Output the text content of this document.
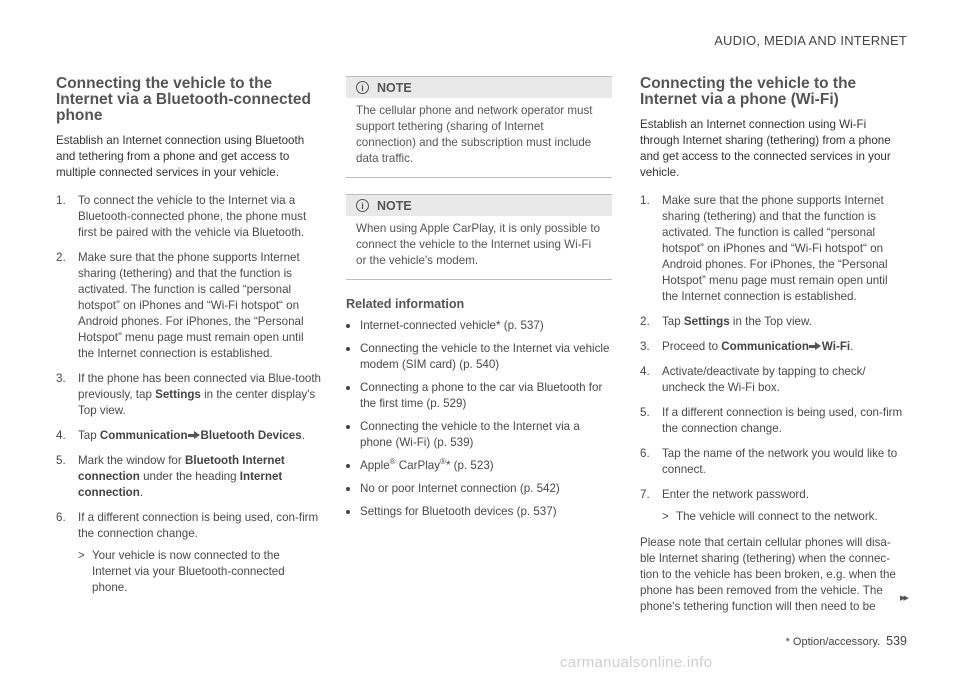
AUDIO, MEDIA AND INTERNET
Connecting the vehicle to the Internet via a Bluetooth-connected phone

Establish an Internet connection using Bluetooth and tethering from a phone and get access to multiple connected services in your vehicle.

1. To connect the vehicle to the Internet via a Bluetooth-connected phone, the phone must first be paired with the vehicle via Bluetooth.
2. Make sure that the phone supports Internet sharing (tethering) and that the function is activated. The function is called “personal hotspot” on iPhones and “Wi-Fi hotspot“ on Android phones. For iPhones, the “Personal Hotspot” menu page must remain open until the Internet connection is established.
3. If the phone has been connected via Blue-tooth previously, tap Settings in the center display's Top view.
4. Tap Communication Bluetooth Devices.
5. Mark the window for Bluetooth Internet connection under the heading Internet connection.
6. If a different connection is being used, con-firm the connection change.
> Your vehicle is now connected to the Internet via your Bluetooth-connected phone.
i	NOTE
The cellular phone and network operator must support tethering (sharing of Internet connection) and the subscription must include data traffic.
i	NOTE
When using Apple CarPlay, it is only possible to connect the vehicle to the Internet using Wi-Fi or the vehicle's modem.
Related information
Internet-connected vehicle* (p. 537)
Connecting the vehicle to the Internet via vehicle modem (SIM card) (p. 540)
Connecting a phone to the car via Bluetooth for the first time (p. 529)
Connecting the vehicle to the Internet via a phone (Wi-Fi) (p. 539)
Apple® CarPlay®* (p. 523)
No or poor Internet connection (p. 542)
Settings for Bluetooth devices (p. 537)
Connecting the vehicle to the Internet via a phone (Wi-Fi)

Establish an Internet connection using Wi-Fi through Internet sharing (tethering) from a phone and get access to the connected services in your vehicle.

1. Make sure that the phone supports Internet sharing (tethering) and that the function is activated. The function is called “personal hotspot” on iPhones and “Wi-Fi hotspot“ on Android phones. For iPhones, the “Personal Hotspot” menu page must remain open until the Internet connection is established.
2. Tap Settings in the Top view.
3. Proceed to Communication Wi-Fi.
4. Activate/deactivate by tapping to check/ uncheck the Wi-Fi box.
5. If a different connection is being used, con-firm the connection change.
6. Tap the name of the network you would like to connect.
7. Enter the network password.
> The vehicle will connect to the network.

Please note that certain cellular phones will disa-ble Internet sharing (tethering) when the connec-tion to the vehicle has been broken, e.g. when the phone has been removed from the vehicle. The phone's tethering function will then need to be

▸▸
* Option/accessory. 539
carmanualsonline.info
